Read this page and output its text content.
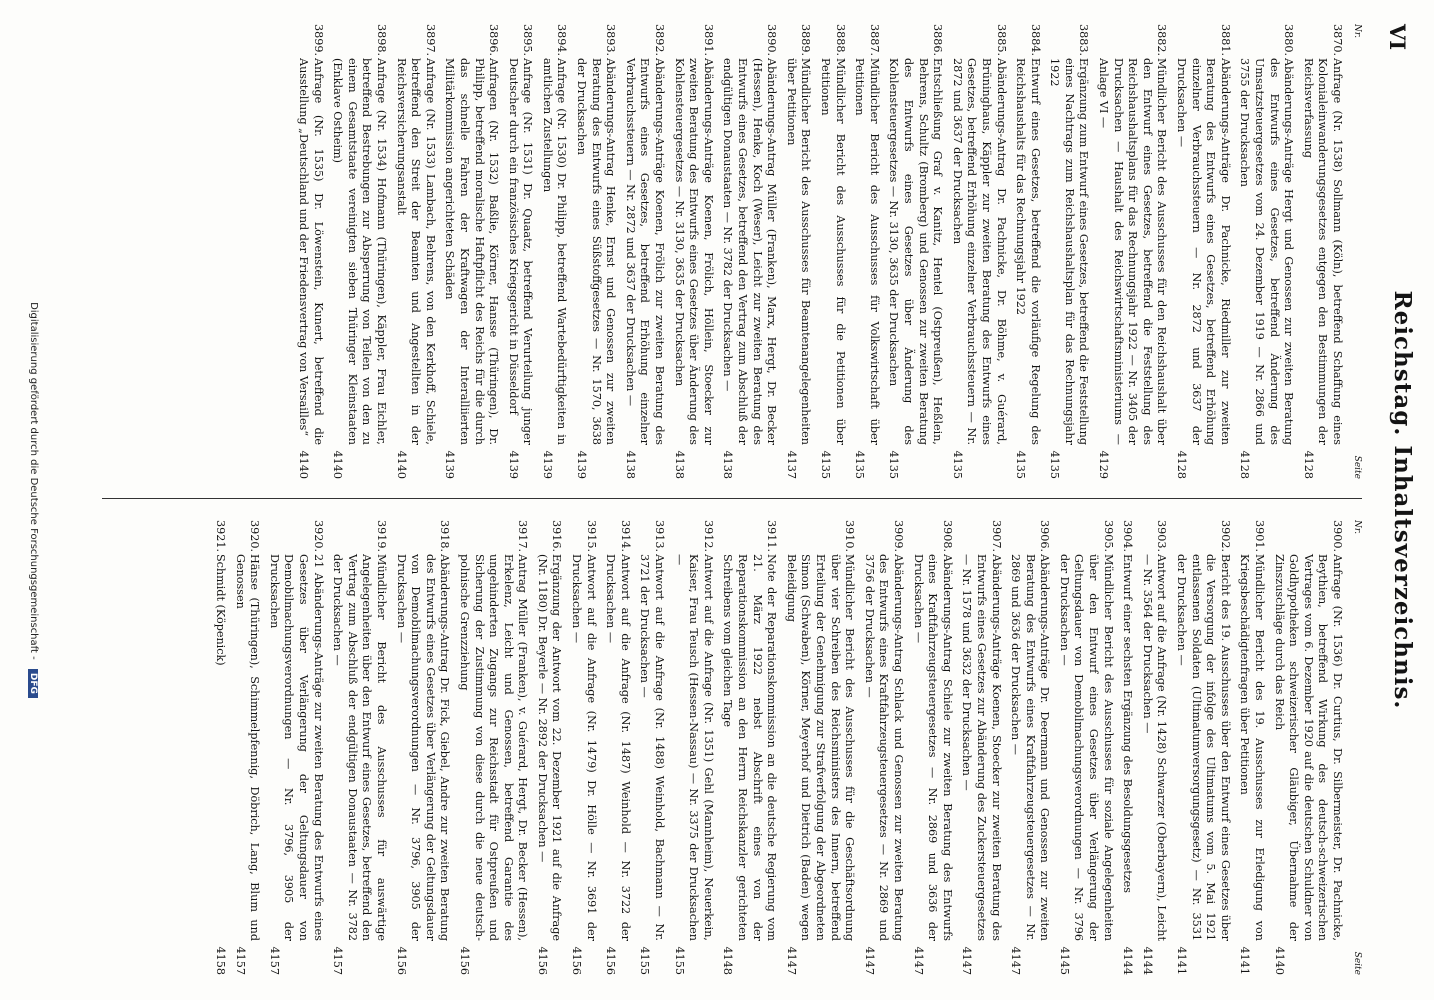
VI
Reichstag. Inhaltsverzeichnis.
Nr.
Seite
3870.
Anfrage (Nr. 1538) Sollmann (Köln), betreffend Schaffung eines Kolonialeinwanderungsgesetzes entgegen den Bestimmungen der Reichsverfassung
4128
3880.
Abänderungs-Anträge Hergt und Genossen zur zweiten Beratung des Entwurfs eines Gesetzes, betreffend Änderung des Umsatzsteuergesetzes vom 24. Dezember 1919 — Nr. 2866 und 3755 der Drucksachen
4128
3881.
Abänderungs-Anträge Dr. Pachnicke, Riedmiller zur zweiten Beratung des Entwurfs eines Gesetzes, betreffend Erhöhung einzelner Verbrauchssteuern — Nr. 2872 und 3637 der Drucksachen —
4128
3882.
Mündlicher Bericht des Ausschusses für den Reichshaushalt über den Entwurf eines Gesetzes, betreffend die Feststellung des Reichshaushaltsplans für das Rechnungsjahr 1922 — Nr. 3405 der Drucksachen — Haushalt des Reichswirtschaftsministeriums — Anlage VI —
4129
3883.
Ergänzung zum Entwurf eines Gesetzes, betreffend die Feststellung eines Nachtrags zum Reichshaushaltsplan für das Rechnungsjahr 1922
4135
3884.
Entwurf eines Gesetzes, betreffend die vorläufige Regelung des Reichshaushalts für das Rechnungsjahr 1922
4135
3885.
Abänderungs-Antrag Dr. Pachnicke, Dr. Böhme, v. Guérard, Brüninghaus, Käppler zur zweiten Beratung des Entwurfs eines Gesetzes, betreffend Erhöhung einzelner Verbrauchssteuern — Nr. 2872 und 3637 der Drucksachen
4135
3886.
Entschließung Graf v. Kanitz, Hentel (Ostpreußen), Heßlein, Behrens, Schultz (Bromberg) und Genossen zur zweiten Beratung des Entwurfs eines Gesetzes über Änderung des Kohlensteuergesetzes — Nr. 3130, 3635 der Drucksachen
4135
3887.
Mündlicher Bericht des Ausschusses für Volkswirtschaft über Petitionen
4135
3888.
Mündlicher Bericht des Ausschusses für die Petitionen über Petitionen
4135
3889.
Mündlicher Bericht des Ausschusses für Beamtenangelegenheiten über Petitionen
4137
3890.
Abänderungs-Antrag Müller (Franken), Marx, Hergt, Dr. Becker (Hessen), Henke, Koch (Weser), Leicht zur zweiten Beratung des Entwurfs eines Gesetzes, betreffend den Vertrag zum Abschluß der endgültigen Donaustaaten — Nr. 3782 der Drucksachen —
4138
3891.
Abänderungs-Anträge Koenen, Frölich, Höllein, Stoecker zur zweiten Beratung des Entwurfs eines Gesetzes über Änderung des Kohlensteuergesetzes — Nr. 3130, 3635 der Drucksachen
4138
3892.
Abänderungs-Anträge Koenen, Frölich zur zweiten Beratung des Entwurfs eines Gesetzes, betreffend Erhöhung einzelner Verbrauchssteuern — Nr. 2872 und 3637 der Drucksachen —
4138
3893.
Abänderungs-Antrag Henke, Ernst und Genossen zur zweiten Beratung des Entwurfs eines Süßstoffgesetzes — Nr. 1570, 3638 der Drucksachen
4139
3894.
Anfrage (Nr. 1530) Dr. Philipp, betreffend Wartebedürftigkeiten in amtlichen Zustellungen
4139
3895.
Anfrage (Nr. 1531) Dr. Quaatz, betreffend Verurteilung junger Deutscher durch ein französisches Kriegsgericht in Düsseldorf
4139
3896.
Anfragen (Nr. 1532) Baßlie, Körner, Hansse (Thüringen), Dr. Philipp, betreffend moralische Haftpflicht des Reichs für die durch das schnelle Fahren der Kraftwagen der Interalliierten Militärkommission angerichteten Schäden
4139
3897.
Anfrage (Nr. 1533) Lambach, Behrens, von den Kerkhoff, Schiele, betreffend den Streit der Beamten und Angestellten in der Reichsversicherungsanstalt
4140
3898.
Anfrage (Nr. 1534) Hofmann (Thüringen), Käppler, Frau Eichler, betreffend Bestrebungen zur Absperrung von Teilen von den zu einem Gesamtstaate vereinigten sieben Thüringer Kleinstaaten (Enklave Ostheim)
4140
3899.
Anfrage (Nr. 1535) Dr. Löwenstein, Kunert, betreffend die Ausstellung „Deutschland und der Friedensvertrag von Versailles“
4140
Nr.
Seite
3900.
Anfrage (Nr. 1536) Dr. Curtius, Dr. Silbermeister, Dr. Pachnicke, Beythien, betreffend Wirkung des deutsch-schweizerischen Vertrages vom 6. Dezember 1920 auf die deutschen Schuldner von Goldhypotheken schweizerischer Gläubiger, Übernahme der Zinszuschläge durch das Reich
4140
3901.
Mündlicher Bericht des 19. Ausschusses zur Erledigung von Kriegsbeschädigtenfragen über Petitionen
4141
3902.
Bericht des 19. Ausschusses über den Entwurf eines Gesetzes über die Versorgung der infolge des Ultimatums vom 5. Mai 1921 entlassenen Soldaten (Ultimatumversorgungsgesetz) — Nr. 3531 der Drucksachen —
4141
3903.
Antwort auf die Anfrage (Nr. 1428) Schwarzer (Oberbayern), Leicht — Nr. 3564 der Drucksachen —
4144
3904.
Entwurf einer sechsten Ergänzung des Besoldungsgesetzes
4144
3905.
Mündlicher Bericht des Ausschusses für soziale Angelegenheiten über den Entwurf eines Gesetzes über Verlängerung der Geltungsdauer von Demobilmachungsverordnungen — Nr. 3796 der Drucksachen —
4145
3906.
Abänderungs-Anträge Dr. Deermann und Genossen zur zweiten Beratung des Entwurfs eines Kraftfahrzeugsteuergesetzes — Nr. 2869 und 3636 der Drucksachen —
4147
3907.
Abänderungs-Anträge Koenen, Stoecker zur zweiten Beratung des Entwurfs eines Gesetzes zur Abänderung des Zuckersteuergesetzes — Nr. 1578 und 3632 der Drucksachen —
4147
3908.
Abänderungs-Antrag Schiele zur zweiten Beratung des Entwurfs eines Kraftfahrzeugsteuergesetzes — Nr. 2869 und 3636 der Drucksachen —
4147
3909.
Abänderungs-Antrag Schlack und Genossen zur zweiten Beratung des Entwurfs eines Kraftfahrzeugsteuergesetzes — Nr. 2869 und 3756 der Drucksachen —
4147
3910.
Mündlicher Bericht des Ausschusses für die Geschäftsordnung über vier Schreiben des Reichsministers des Innern, betreffend Erteilung der Genehmigung zur Strafverfolgung der Abgeordneten Simon (Schwaben), Körner, Meyerhof und Dietrich (Baden) wegen Beleidigung
4147
3911.
Note der Reparationskommission an die deutsche Regierung vom 21. März 1922 nebst Abschrift eines von der Reparationskommission an den Herrn Reichskanzler gerichteten Schreibens vom gleichen Tage
4148
3912.
Antwort auf die Anfrage (Nr. 1351) Gehl (Mannheim), Neuerkein, Kaiser, Frau Teusch (Hessen-Nassau) — Nr. 3375 der Drucksachen —
4155
3913.
Antwort auf die Anfrage (Nr. 1488) Weinhold, Bachmann — Nr. 3721 der Drucksachen —
4155
3914.
Antwort auf die Anfrage (Nr. 1487) Weinhold — Nr. 3722 der Drucksachen —
4156
3915.
Antwort auf die Anfrage (Nr. 1479) Dr. Hölle — Nr. 3691 der Drucksachen —
4156
3916.
Ergänzung der Antwort vom 22. Dezember 1921 auf die Anfrage (Nr. 1180) Dr. Beyerle — Nr. 2892 der Drucksachen —
4156
3917.
Antrag Müller (Franken), v. Guérard, Hergt, Dr. Becker (Hessen), Erkelenz, Leicht und Genossen, betreffend Garantie des ungehinderten Zugangs zur Reichsstadt für Ostpreußen und Sicherung der Zustimmung von diese durch die neue deutsch-polnische Grenzziehung
4156
3918.
Abänderungs-Antrag Dr. Fick, Giebel, Andre zur zweiten Beratung des Entwurfs eines Gesetzes über Verlängerung der Geltungsdauer von Demobilmachungsverordnungen — Nr. 3796, 3905 der Drucksachen —
4156
3919.
Mündlicher Bericht des Ausschusses für auswärtige Angelegenheiten über den Entwurf eines Gesetzes, betreffend den Vertrag zum Abschluß der endgültigen Donaustaaten — Nr. 3782 der Drucksachen —
4157
3920.
21 Abänderungs-Anträge zur zweiten Beratung des Entwurfs eines Gesetzes über Verlängerung der Geltungsdauer von Demobilmachungsverordnungen — Nr. 3796, 3905 der Drucksachen
4157
3920.
Hänse (Thüringen), Schimmelpfennig, Döbrich, Lang, Blum und Genossen
4157
3921.
Schmidt (Köpenick)
4158
Digitalisierung gefördert durch die Deutsche Forschungsgemeinschaft - DFG
